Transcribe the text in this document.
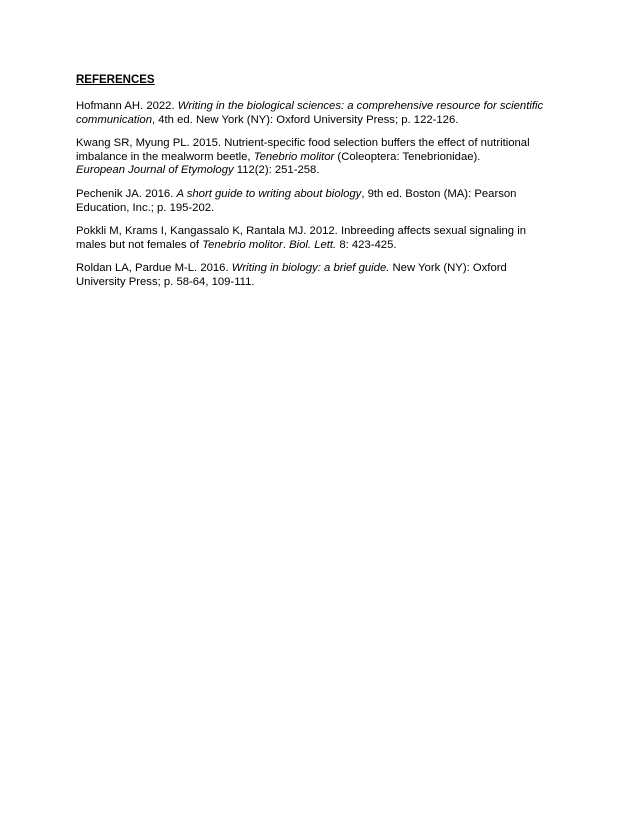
REFERENCES

Hofmann AH. 2022. Writing in the biological sciences: a comprehensive resource for scientific
communication, 4th ed. New York (NY): Oxford University Press; p. 122-126.

Kwang SR, Myung PL. 2015. Nutrient-specific food selection buffers the effect of nutritional
imbalance in the mealworm beetle, Tenebrio molitor (Coleoptera: Tenebrionidae).
European Journal of Etymology 112(2): 251-258.

Pechenik JA. 2016. A short guide to writing about biology, 9th ed. Boston (MA): Pearson
Education, Inc.; p. 195-202.

Pokkli M, Krams I, Kangassalo K, Rantala MJ. 2012. Inbreeding affects sexual signaling in
males but not females of Tenebrio molitor. Biol. Lett. 8: 423-425.

Roldan LA, Pardue M-L. 2016. Writing in biology: a brief guide. New York (NY): Oxford
University Press; p. 58-64, 109-111.
